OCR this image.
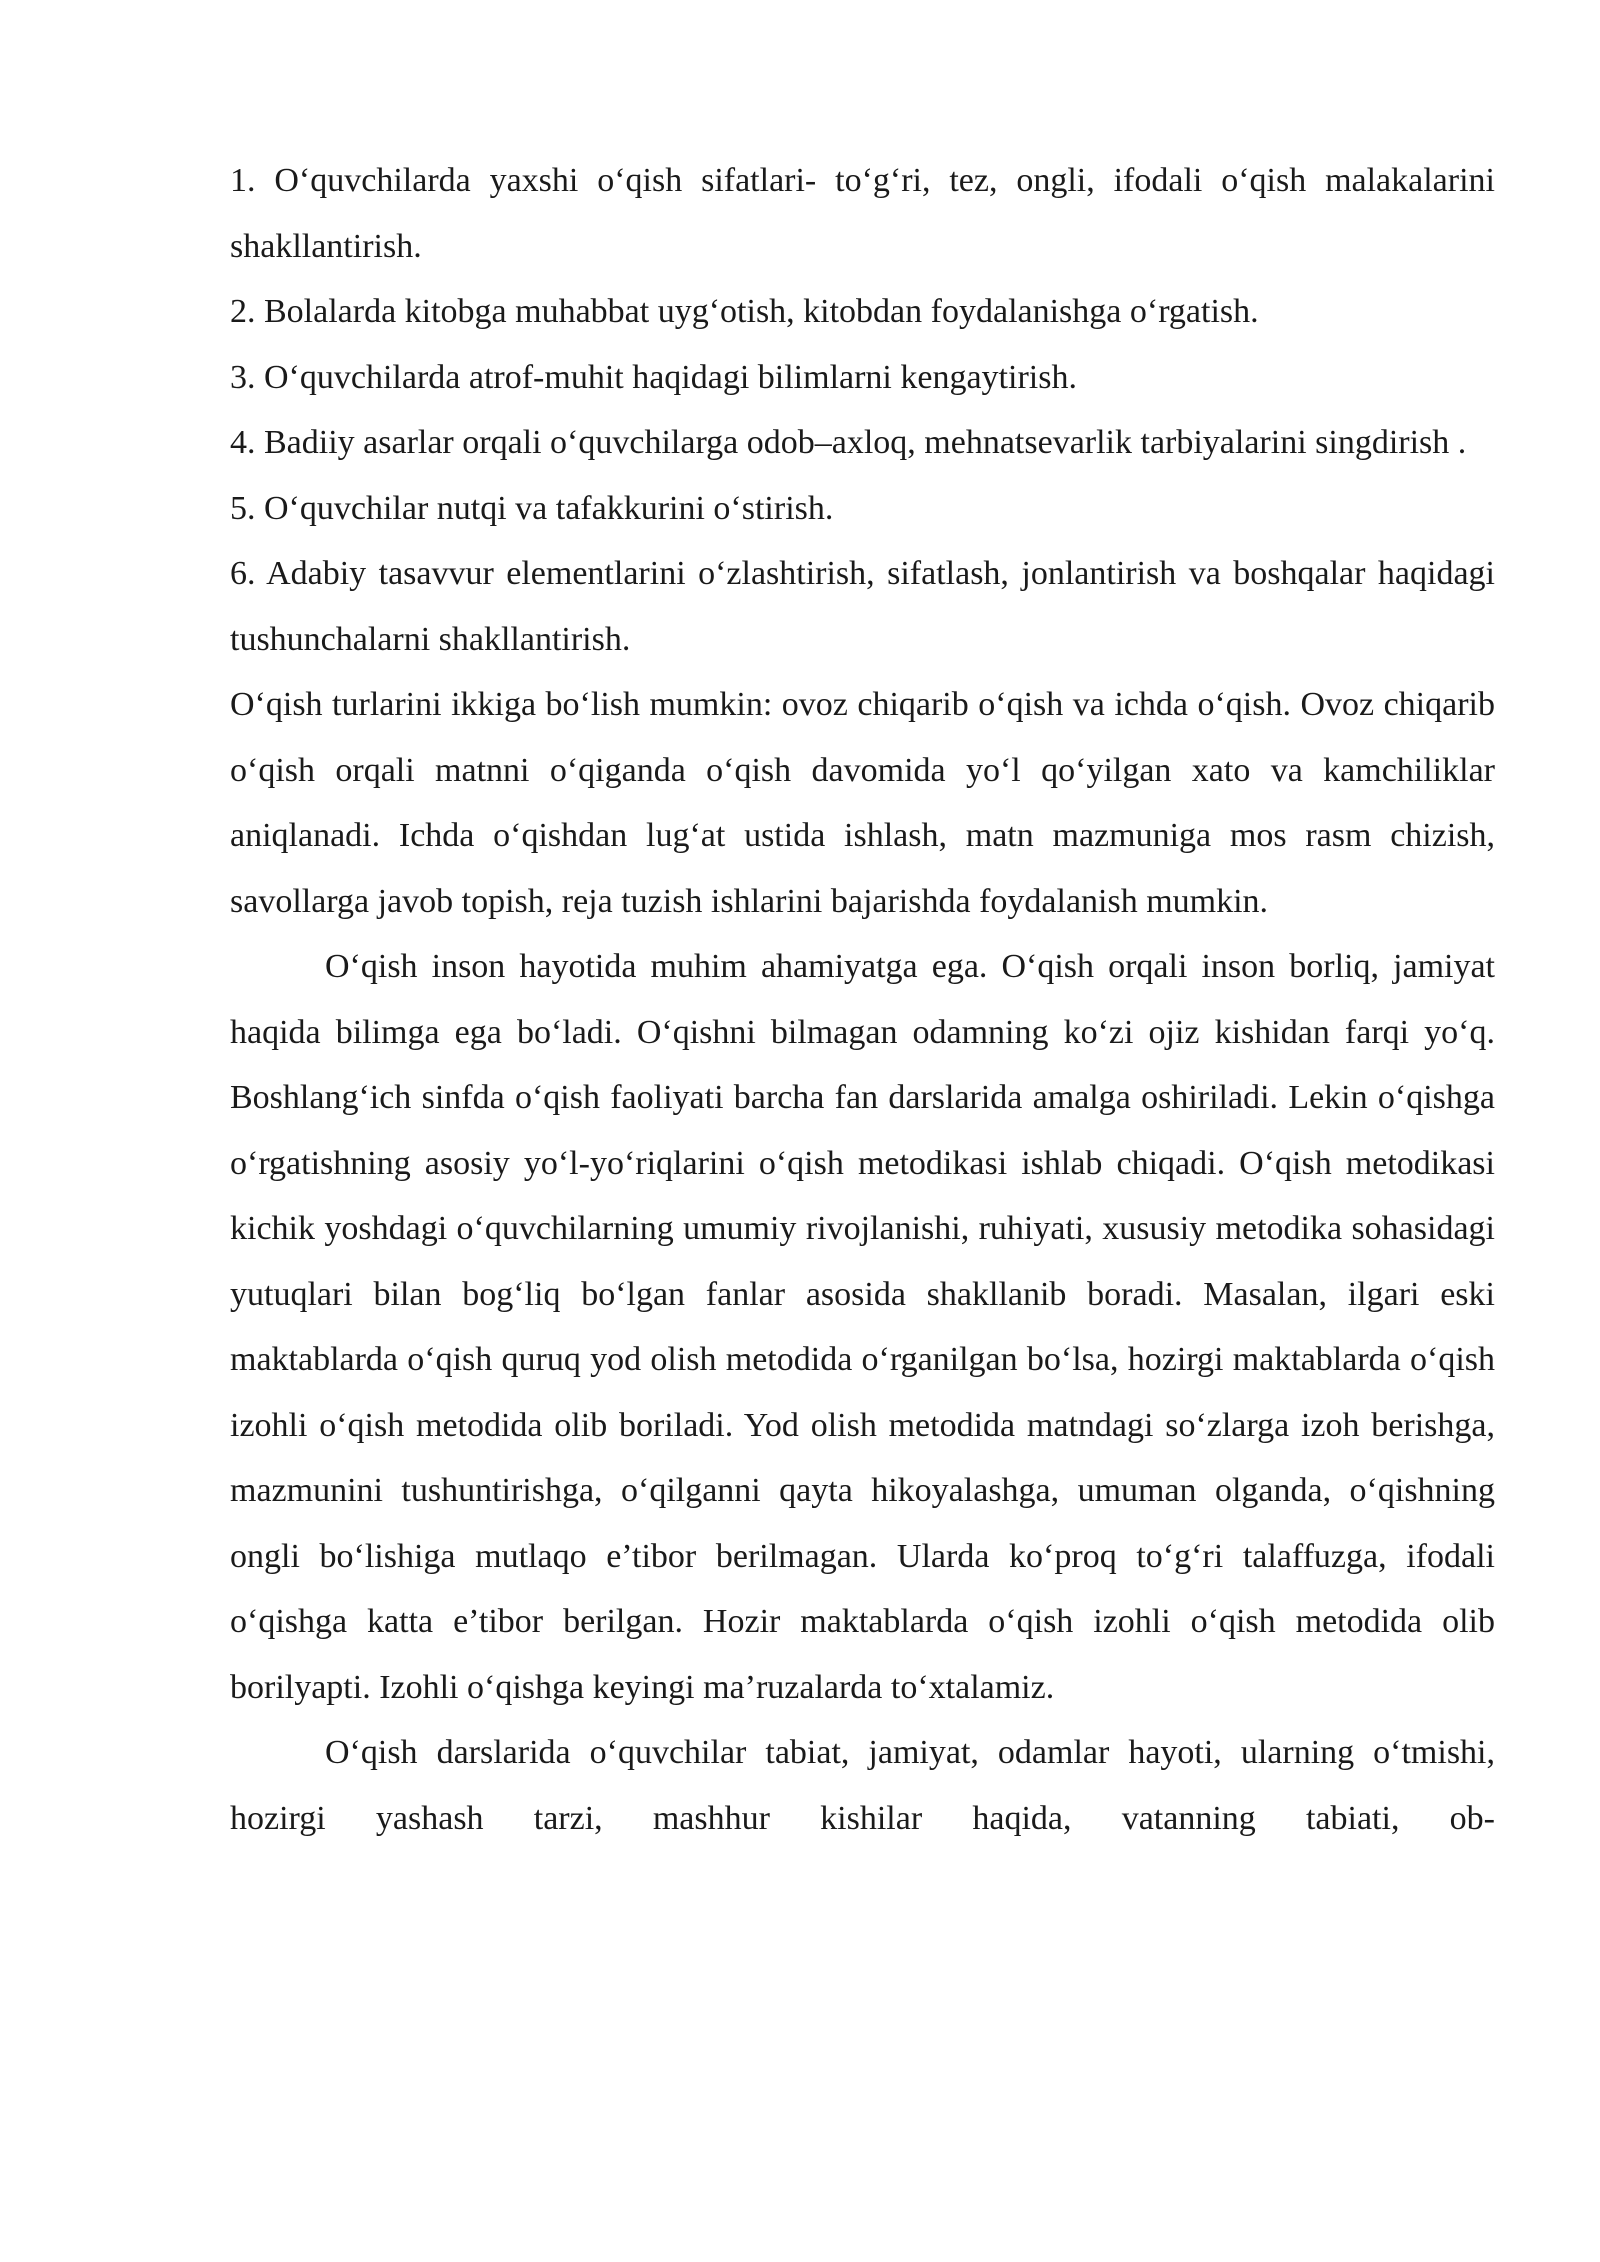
1. O‘quvchilarda yaxshi o‘qish sifatlari- to‘g‘ri, tez, ongli, ifodali o‘qish malakalarini shakllantirish.

2. Bolalarda kitobga muhabbat uyg‘otish, kitobdan foydalanishga o‘rgatish.

3. O‘quvchilarda atrof-muhit haqidagi bilimlarni kengaytirish.

4. Badiiy asarlar orqali o‘quvchilarga odob–axloq, mehnatsevarlik tarbiyalarini singdirish .

5. O‘quvchilar nutqi va tafakkurini o‘stirish.

6. Adabiy tasavvur elementlarini o‘zlashtirish, sifatlash, jonlantirish va boshqalar haqidagi tushunchalarni shakllantirish.

O‘qish turlarini ikkiga bo‘lish mumkin: ovoz chiqarib o‘qish va ichda o‘qish. Ovoz chiqarib o‘qish orqali matnni o‘qiganda o‘qish davomida yo‘l qo‘yilgan xato va kamchiliklar aniqlanadi. Ichda o‘qishdan lug‘at ustida ishlash, matn mazmuniga mos rasm chizish, savollarga javob topish, reja tuzish ishlarini bajarishda foydalanish mumkin.

O‘qish inson hayotida muhim ahamiyatga ega. O‘qish orqali inson borliq, jamiyat haqida bilimga ega bo‘ladi. O‘qishni bilmagan odamning ko‘zi ojiz kishidan farqi yo‘q. Boshlang‘ich sinfda o‘qish faoliyati barcha fan darslarida amalga oshiriladi. Lekin o‘qishga o‘rgatishning asosiy yo‘l-yo‘riqlarini o‘qish metodikasi ishlab chiqadi. O‘qish metodikasi kichik yoshdagi o‘quvchilarning umumiy rivojlanishi, ruhiyati, xususiy metodika sohasidagi yutuqlari bilan bog‘liq bo‘lgan fanlar asosida shakllanib boradi. Masalan, ilgari eski maktablarda o‘qish quruq yod olish metodida o‘rganilgan bo‘lsa, hozirgi maktablarda o‘qish izohli o‘qish metodida olib boriladi. Yod olish metodida matndagi so‘zlarga izoh berishga, mazmunini tushuntirishga, o‘qilganni qayta hikoyalashga, umuman olganda, o‘qishning ongli bo‘lishiga mutlaqo e’tibor berilmagan. Ularda ko‘proq to‘g‘ri talaffuzga, ifodali o‘qishga katta e’tibor berilgan. Hozir maktablarda o‘qish izohli o‘qish metodida olib borilyapti. Izohli o‘qishga keyingi ma’ruzalarda to‘xtalamiz.

O‘qish darslarida o‘quvchilar tabiat, jamiyat, odamlar hayoti, ularning o‘tmishi, hozirgi yashash tarzi, mashhur kishilar haqida, vatanning tabiati, ob-
